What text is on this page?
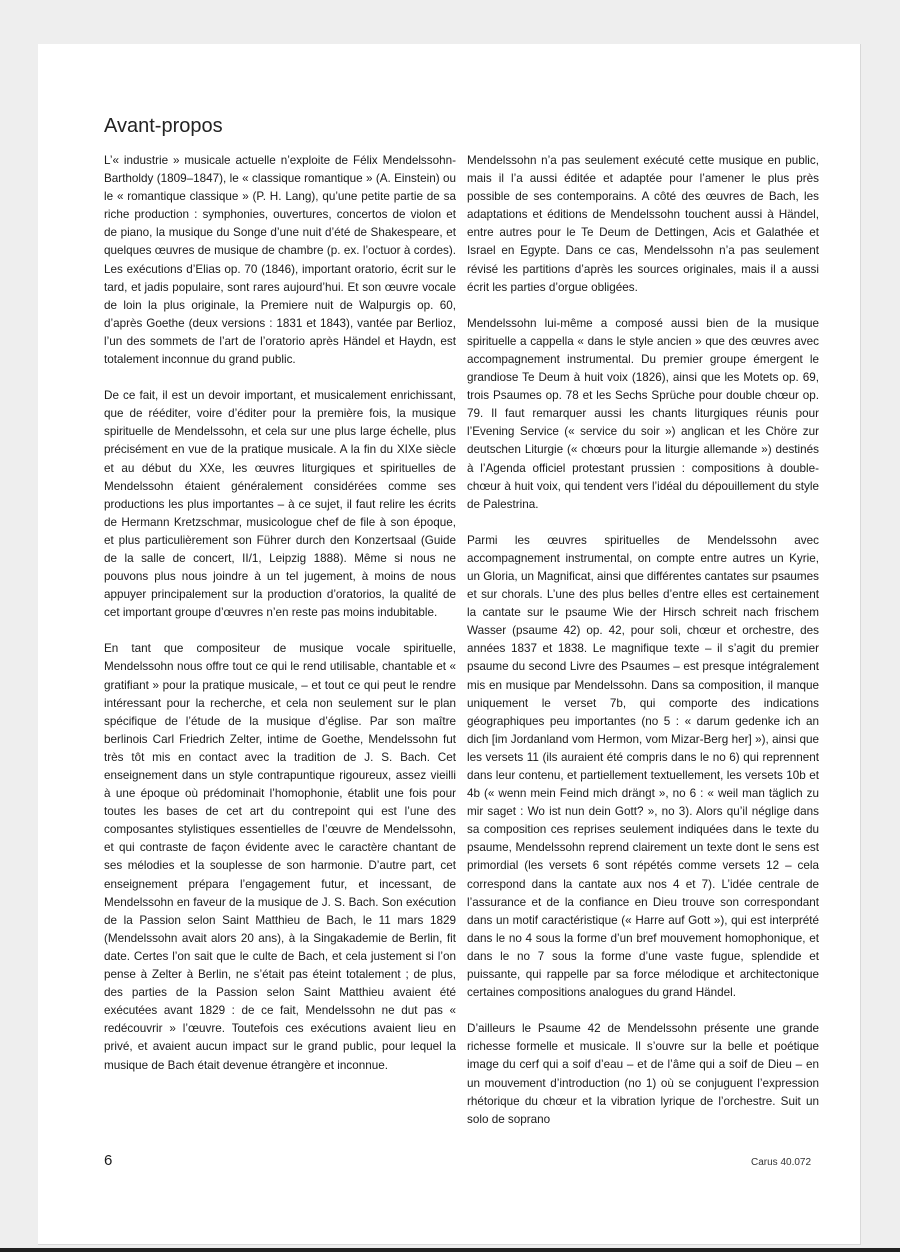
Avant-propos

L’« industrie » musicale actuelle n’exploite de Félix Mendelssohn-Bartholdy (1809–1847), le « classique romantique » (A. Einstein) ou le « romantique classique » (P. H. Lang), qu’une petite partie de sa riche production : symphonies, ouvertures, concertos de violon et de piano, la musique du Songe d’une nuit d’été de Shakespeare, et quelques œuvres de musique de chambre (p. ex. l’octuor à cordes). Les exécutions d’Elias op. 70 (1846), important oratorio, écrit sur le tard, et jadis populaire, sont rares aujourd’hui. Et son œuvre vocale de loin la plus originale, la Premiere nuit de Walpurgis op. 60, d’après Goethe (deux versions : 1831 et 1843), vantée par Berlioz, l’un des sommets de l’art de l’oratorio après Händel et Haydn, est totalement inconnue du grand public.

De ce fait, il est un devoir important, et musicalement enrichissant, que de rééditer, voire d’éditer pour la première fois, la musique spirituelle de Mendelssohn, et cela sur une plus large échelle, plus précisément en vue de la pratique musicale. A la fin du XIXe siècle et au début du XXe, les œuvres liturgiques et spirituelles de Mendelssohn étaient généralement considérées comme ses productions les plus importantes – à ce sujet, il faut relire les écrits de Hermann Kretzschmar, musicologue chef de file à son époque, et plus particulièrement son Führer durch den Konzertsaal (Guide de la salle de concert, II/1, Leipzig 1888). Même si nous ne pouvons plus nous joindre à un tel jugement, à moins de nous appuyer principalement sur la production d’oratorios, la qualité de cet important groupe d’œuvres n’en reste pas moins indubitable.

En tant que compositeur de musique vocale spirituelle, Mendelssohn nous offre tout ce qui le rend utilisable, chantable et « gratifiant » pour la pratique musicale, – et tout ce qui peut le rendre intéressant pour la recherche, et cela non seulement sur le plan spécifique de l’étude de la musique d’église. Par son maître berlinois Carl Friedrich Zelter, intime de Goethe, Mendelssohn fut très tôt mis en contact avec la tradition de J. S. Bach. Cet enseignement dans un style contrapuntique rigoureux, assez vieilli à une époque où prédominait l’homophonie, établit une fois pour toutes les bases de cet art du contrepoint qui est l’une des composantes stylistiques essentielles de l’œuvre de Mendelssohn, et qui contraste de façon évidente avec le caractère chantant de ses mélodies et la souplesse de son harmonie. D’autre part, cet enseignement prépara l’engagement futur, et incessant, de Mendelssohn en faveur de la musique de J. S. Bach. Son exécution de la Passion selon Saint Matthieu de Bach, le 11 mars 1829 (Mendelssohn avait alors 20 ans), à la Singakademie de Berlin, fit date. Certes l’on sait que le culte de Bach, et cela justement si l’on pense à Zelter à Berlin, ne s’était pas éteint totalement ; de plus, des parties de la Passion selon Saint Matthieu avaient été exécutées avant 1829 : de ce fait, Mendelssohn ne dut pas « redécouvrir » l’œuvre. Toutefois ces exécutions avaient lieu en privé, et avaient aucun impact sur le grand public, pour lequel la musique de Bach était devenue étrangère et inconnue.

Mendelssohn n’a pas seulement exécuté cette musique en public, mais il l’a aussi éditée et adaptée pour l’amener le plus près possible de ses contemporains. A côté des œuvres de Bach, les adaptations et éditions de Mendelssohn touchent aussi à Händel, entre autres pour le Te Deum de Dettingen, Acis et Galathée et Israel en Egypte. Dans ce cas, Mendelssohn n’a pas seulement révisé les partitions d’après les sources originales, mais il a aussi écrit les parties d’orgue obligées.

Mendelssohn lui-même a composé aussi bien de la musique spirituelle a cappella « dans le style ancien » que des œuvres avec accompagnement instrumental. Du premier groupe émergent le grandiose Te Deum à huit voix (1826), ainsi que les Motets op. 69, trois Psaumes op. 78 et les Sechs Sprüche pour double chœur op. 79. Il faut remarquer aussi les chants liturgiques réunis pour l’Evening Service (« service du soir ») anglican et les Chöre zur deutschen Liturgie (« chœurs pour la liturgie allemande ») destinés à l’Agenda officiel protestant prussien : compositions à double-chœur à huit voix, qui tendent vers l’idéal du dépouillement du style de Palestrina.

Parmi les œuvres spirituelles de Mendelssohn avec accompagnement instrumental, on compte entre autres un Kyrie, un Gloria, un Magnificat, ainsi que différentes cantates sur psaumes et sur chorals. L’une des plus belles d’entre elles est certainement la cantate sur le psaume Wie der Hirsch schreit nach frischem Wasser (psaume 42) op. 42, pour soli, chœur et orchestre, des années 1837 et 1838. Le magnifique texte – il s’agit du premier psaume du second Livre des Psaumes – est presque intégralement mis en musique par Mendelssohn. Dans sa composition, il manque uniquement le verset 7b, qui comporte des indications géographiques peu importantes (no 5 : « darum gedenke ich an dich [im Jordanland vom Hermon, vom Mizar-Berg her] »), ainsi que les versets 11 (ils auraient été compris dans le no 6) qui reprennent dans leur contenu, et partiellement textuellement, les versets 10b et 4b (« wenn mein Feind mich drängt », no 6 : « weil man täglich zu mir saget : Wo ist nun dein Gott? », no 3). Alors qu’il néglige dans sa composition ces reprises seulement indiquées dans le texte du psaume, Mendelssohn reprend clairement un texte dont le sens est primordial (les versets 6 sont répétés comme versets 12 – cela correspond dans la cantate aux nos 4 et 7). L’idée centrale de l’assurance et de la confiance en Dieu trouve son correspondant dans un motif caractéristique (« Harre auf Gott »), qui est interprété dans le no 4 sous la forme d’un bref mouvement homophonique, et dans le no 7 sous la forme d’une vaste fugue, splendide et puissante, qui rappelle par sa force mélodique et architectonique certaines compositions analogues du grand Händel.

D’ailleurs le Psaume 42 de Mendelssohn présente une grande richesse formelle et musicale. Il s’ouvre sur la belle et poétique image du cerf qui a soif d’eau – et de l’âme qui a soif de Dieu – en un mouvement d’introduction (no 1) où se conjuguent l’expression rhétorique du chœur et la vibration lyrique de l’orchestre. Suit un solo de soprano

6	Carus 40.072
